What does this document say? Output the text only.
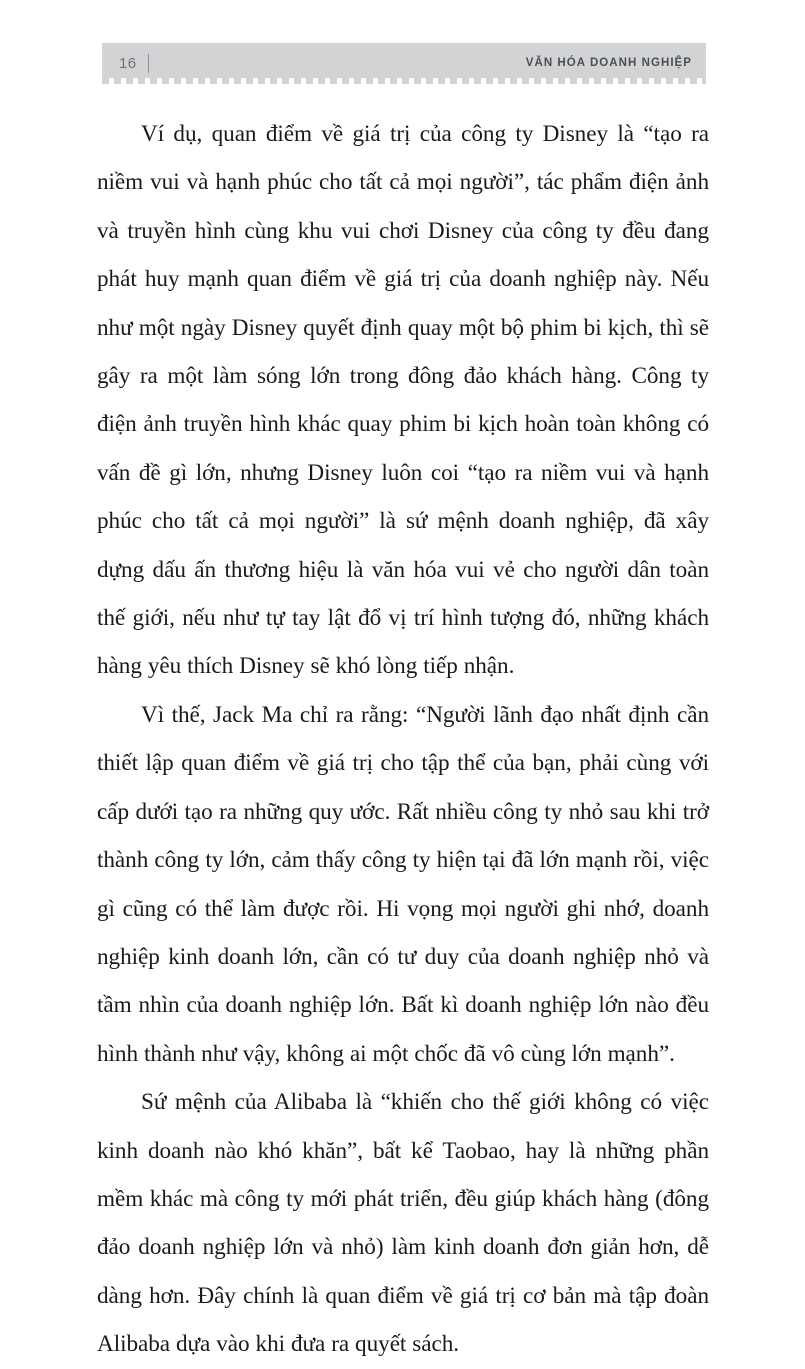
16	VĂN HÓA DOANH NGHIỆP

Ví dụ, quan điểm về giá trị của công ty Disney là “tạo ra niềm vui và hạnh phúc cho tất cả mọi người”, tác phẩm điện ảnh và truyền hình cùng khu vui chơi Disney của công ty đều đang phát huy mạnh quan điểm về giá trị của doanh nghiệp này. Nếu như một ngày Disney quyết định quay một bộ phim bi kịch, thì sẽ gây ra một làm sóng lớn trong đông đảo khách hàng. Công ty điện ảnh truyền hình khác quay phim bi kịch hoàn toàn không có vấn đề gì lớn, nhưng Disney luôn coi “tạo ra niềm vui và hạnh phúc cho tất cả mọi người” là sứ mệnh doanh nghiệp, đã xây dựng dấu ấn thương hiệu là văn hóa vui vẻ cho người dân toàn thế giới, nếu như tự tay lật đổ vị trí hình tượng đó, những khách hàng yêu thích Disney sẽ khó lòng tiếp nhận.

Vì thế, Jack Ma chỉ ra rằng: “Người lãnh đạo nhất định cần thiết lập quan điểm về giá trị cho tập thể của bạn, phải cùng với cấp dưới tạo ra những quy ước. Rất nhiều công ty nhỏ sau khi trở thành công ty lớn, cảm thấy công ty hiện tại đã lớn mạnh rồi, việc gì cũng có thể làm được rồi. Hi vọng mọi người ghi nhớ, doanh nghiệp kinh doanh lớn, cần có tư duy của doanh nghiệp nhỏ và tầm nhìn của doanh nghiệp lớn. Bất kì doanh nghiệp lớn nào đều hình thành như vậy, không ai một chốc đã vô cùng lớn mạnh”.

Sứ mệnh của Alibaba là “khiến cho thế giới không có việc kinh doanh nào khó khăn”, bất kể Taobao, hay là những phần mềm khác mà công ty mới phát triển, đều giúp khách hàng (đông đảo doanh nghiệp lớn và nhỏ) làm kinh doanh đơn giản hơn, dễ dàng hơn. Đây chính là quan điểm về giá trị cơ bản mà tập đoàn Alibaba dựa vào khi đưa ra quyết sách.
